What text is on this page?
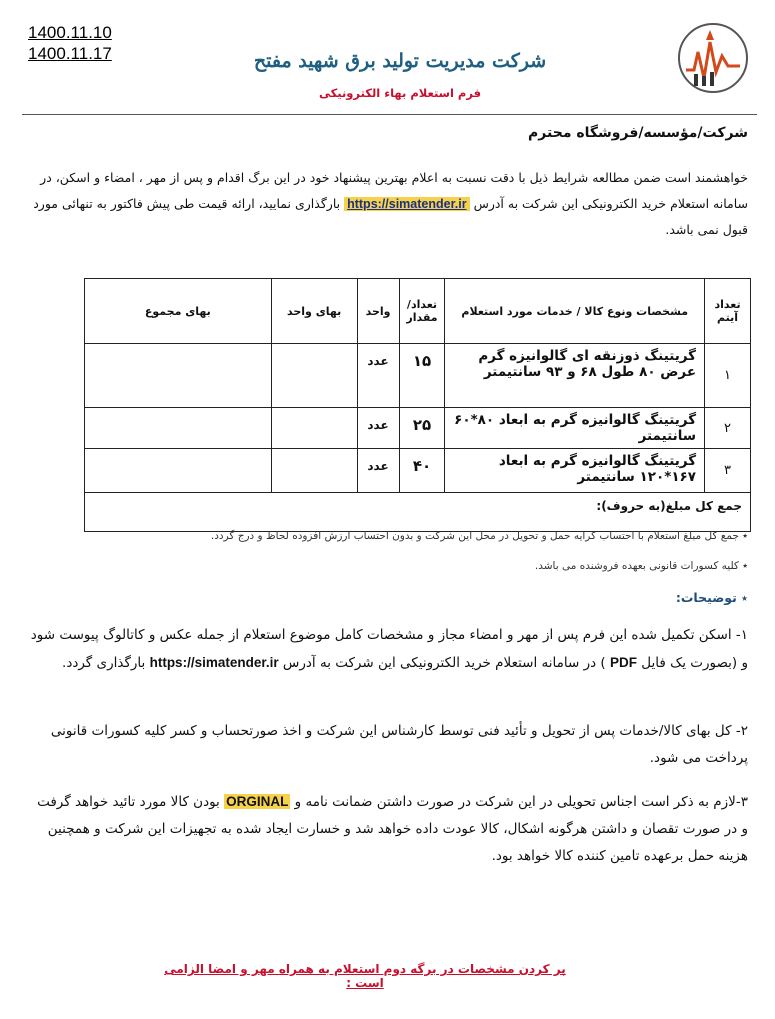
1400.11.10
1400.11.17	شرکت مدیریت تولید برق شهید مفتح
فرم استعلام بهاء الکترونیکی
شرکت/مؤسسه/فروشگاه محترم
خواهشمند است ضمن مطالعه شرایط ذیل با دقت نسبت به اعلام بهترین پیشنهاد خود در این برگ اقدام و پس از مهر ، امضاء و اسکن، در سامانه استعلام خرید الکترونیکی این شرکت به آدرس https://simatender.ir بارگذاری نمایید، ارائه قیمت طی پیش فاکتور به تنهائی مورد قبول نمی باشد.
تعداد آیتم	مشخصات ونوع کالا / خدمات مورد استعلام	تعداد/ مقدار	واحد	بهای واحد	بهای مجموع
۱	گریتینگ ذوزنقه ای گالوانیزه گرم عرض ۸۰ طول ۶۸ و ۹۳ سانتیمتر	۱۵	عدد		
۲	گریتینگ گالوانیزه گرم به ابعاد ۸۰*۶۰ سانتیمتر	۲۵	عدد		
۳	گریتینگ گالوانیزه گرم به ابعاد ۱۶۷*۱۲۰ سانتیمتر	۴۰	عدد		
جمع کل مبلغ(به حروف):					
٭ جمع کل مبلغ استعلام با احتساب کرایه حمل و تحویل در محل این شرکت و بدون احتساب ارزش افزوده لحاظ و درج گردد.
٭ کلیه کسورات قانونی بعهده فروشنده می باشد.
٭ توضیحات:
۱- اسکن تکمیل شده این فرم پس از مهر و امضاء مجاز و مشخصات کامل موضوع استعلام از جمله عکس و کاتالوگ پیوست شود و (بصورت یک فایل PDF ) در سامانه استعلام خرید الکترونیکی این شرکت به آدرس https://simatender.ir بارگذاری گردد.
۲- کل بهای کالا/خدمات پس از تحویل و تأئید فنی توسط کارشناس این شرکت و اخذ صورتحساب و کسر کلیه کسورات قانونی پرداخت می شود.
۳-لازم به ذکر است اجناس تحویلی در این شرکت در صورت داشتن ضمانت نامه و ORGINAL بودن کالا مورد تائید خواهد گرفت و در صورت تقصان و داشتن هرگونه اشکال، کالا عودت داده خواهد شد و خسارت ایجاد شده به تجهیزات این شرکت و همچنین هزینه حمل برعهده تامین کننده کالا خواهد بود.
پر کردن مشخصات در برگه دوم استعلام به همراه مهر و امضا الزامی است :
